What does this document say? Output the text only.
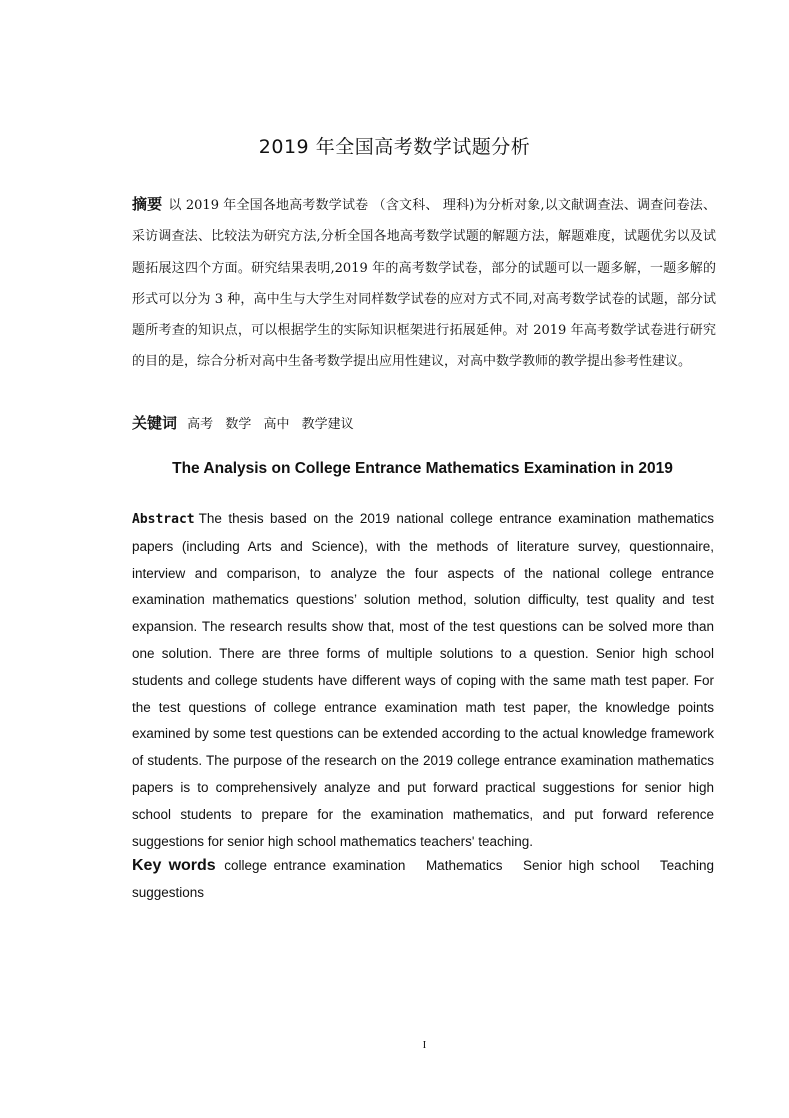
2019 年全国高考数学试题分析
摘要 以 2019 年全国各地高考数学试卷 （含文科、 理科)为分析对象,以文献调查法、调查问卷法、采访调查法、比较法为研究方法,分析全国各地高考数学试题的解题方法，解题难度，试题优劣以及试题拓展这四个方面。研究结果表明,2019 年的高考数学试卷，部分的试题可以一题多解，一题多解的形式可以分为 3 种，高中生与大学生对同样数学试卷的应对方式不同,对高考数学试卷的试题，部分试题所考查的知识点，可以根据学生的实际知识框架进行拓展延伸。对 2019 年高考数学试卷进行研究的目的是，综合分析对高中生备考数学提出应用性建议，对高中数学教师的教学提出参考性建议。
关键词 高考 数学 高中 教学建议
The Analysis on College Entrance Mathematics Examination in 2019
Abstract The thesis based on the 2019 national college entrance examination mathematics papers (including Arts and Science), with the methods of literature survey, questionnaire, interview and comparison, to analyze the four aspects of the national college entrance examination mathematics questions’ solution method, solution difficulty, test quality and test expansion. The research results show that, most of the test questions can be solved more than one solution. There are three forms of multiple solutions to a question. Senior high school students and college students have different ways of coping with the same math test paper. For the test questions of college entrance examination math test paper, the knowledge points examined by some test questions can be extended according to the actual knowledge framework of students. The purpose of the research on the 2019 college entrance examination mathematics papers is to comprehensively analyze and put forward practical suggestions for senior high school students to prepare for the examination mathematics, and put forward reference suggestions for senior high school mathematics teachers' teaching.
Key words college entrance examination Mathematics Senior high school Teaching suggestions
I
